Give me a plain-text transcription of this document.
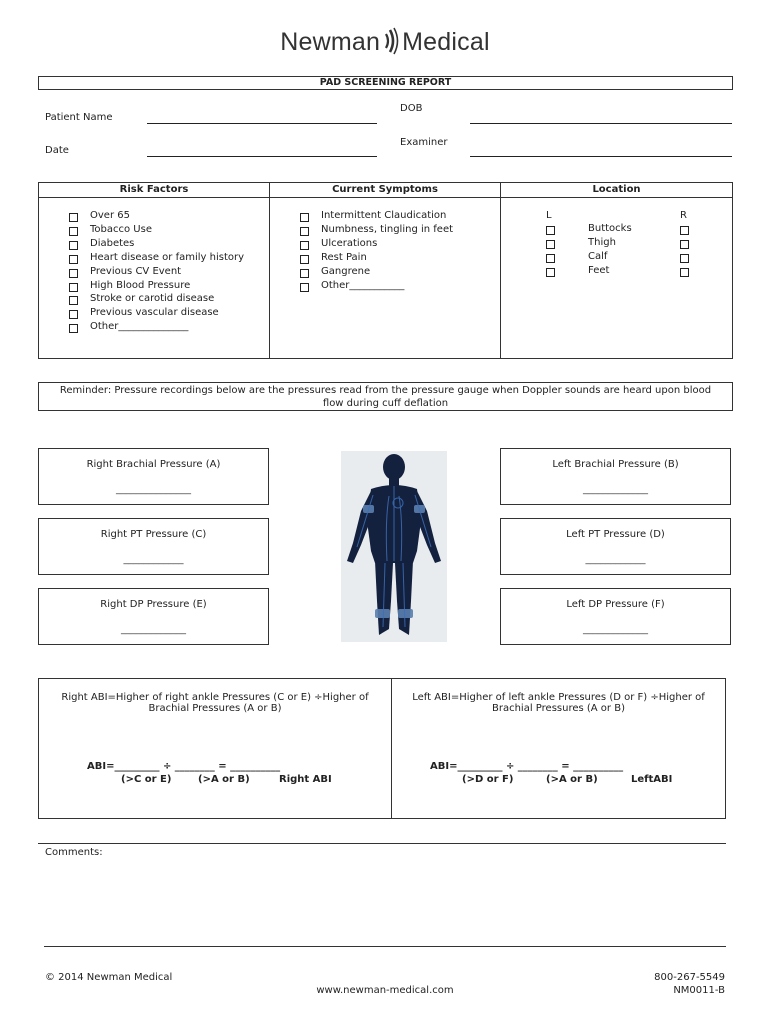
Newman Medical
PAD SCREENING REPORT
Patient Name
DOB
Date
Examiner
Risk Factors
Over 65
Tobacco Use
Diabetes
Heart disease or family history
Previous CV Event
High Blood Pressure
Stroke or carotid disease
Previous vascular disease
Other______________
Current Symptoms
Intermittent Claudication
Numbness, tingling in feet
Ulcerations
Rest Pain
Gangrene
Other___________
Location
L	R
Buttocks
Thigh
Calf
Feet
Reminder: Pressure recordings below are the pressures read from the pressure gauge when Doppler sounds are heard upon blood
flow during cuff deflation
Right Brachial Pressure (A)
_______________
Left Brachial Pressure (B)
_____________
Right PT Pressure (C)
____________
Left PT Pressure (D)
____________
Right DP Pressure (E)
_____________
Left DP Pressure (F)
_____________
Right ABI=Higher of right ankle Pressures (C or E) ÷Higher of
Brachial Pressures (A or B)
ABI=_________ ÷ ________ = __________
(>C or E)	(>A or B)	Right ABI
Left ABI=Higher of left ankle Pressures (D or F) ÷Higher of
Brachial Pressures (A or B)
ABI=_________ ÷ ________ = __________
(>D or F)	(>A or B)	LeftABI
Comments:
© 2014 Newman Medical
www.newman-medical.com
800-267-5549
NM0011-B
